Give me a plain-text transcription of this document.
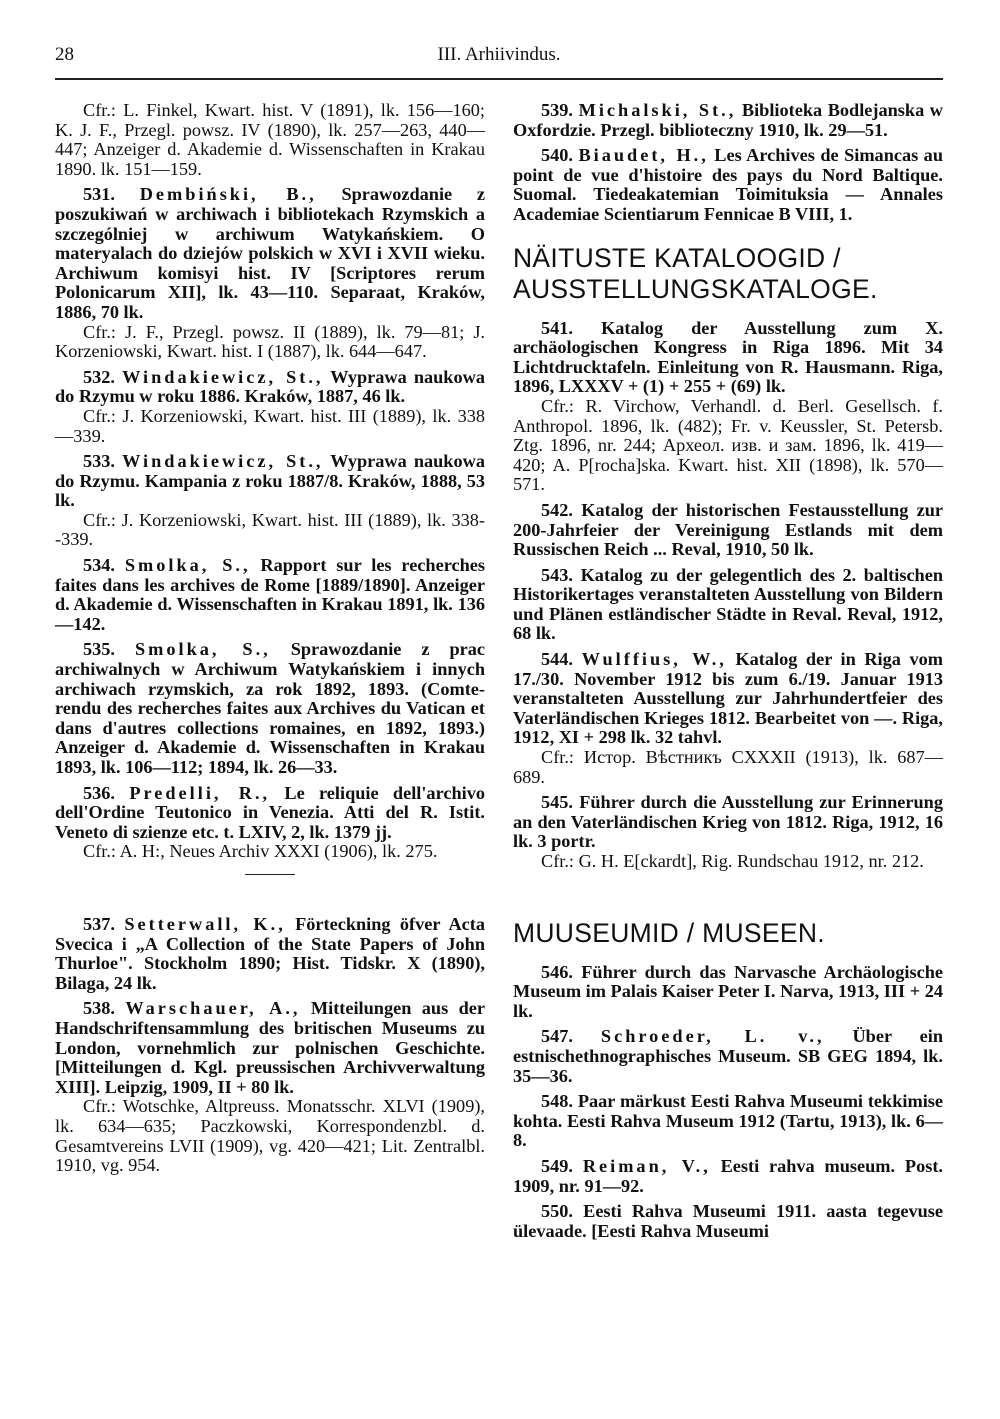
28	III. Arhiivindus.

Cfr.: L. Finkel, Kwart. hist. V (1891), lk. 156—160; K. J. F., Przegl. powsz. IV (1890), lk. 257—263, 440—447; Anzeiger d. Akademie d. Wissenschaften in Krakau 1890. lk. 151—159.

531. Dembiński, B., Sprawozdanie z poszukiwań w archiwach i bibliotekach Rzymskich a szczególniej w archiwum Watykańskiem. O materyalach do dziejów polskich w XVI i XVII wieku. Archiwum komisyi hist. IV [Scriptores rerum Polonicarum XII], lk. 43—110. Separaat, Kraków, 1886, 70 lk.

Cfr.: J. F., Przegl. powsz. II (1889), lk. 79—81; J. Korzeniowski, Kwart. hist. I (1887), lk. 644—647.

532. Windakiewicz, St., Wyprawa naukowa do Rzymu w roku 1886. Kraków, 1887, 46 lk.

Cfr.: J. Korzeniowski, Kwart. hist. III (1889), lk. 338—339.

533. Windakiewicz, St., Wyprawa naukowa do Rzymu. Kampania z roku 1887/8. Kraków, 1888, 53 lk.

Cfr.: J. Korzeniowski, Kwart. hist. III (1889), lk. 338--339.

534. Smolka, S., Rapport sur les recherches faites dans les archives de Rome [1889/1890]. Anzeiger d. Akademie d. Wissenschaften in Krakau 1891, lk. 136—142.

535. Smolka, S., Sprawozdanie z prac archiwalnych w Archiwum Watykańskiem i innych archiwach rzymskich, za rok 1892, 1893. (Comte-rendu des recherches faites aux Archives du Vatican et dans d'autres collections romaines, en 1892, 1893.) Anzeiger d. Akademie d. Wissenschaften in Krakau 1893, lk. 106—112; 1894, lk. 26—33.

536. Predelli, R., Le reliquie dell'archivo dell'Ordine Teutonico in Venezia. Atti del R. Istit. Veneto di szienze etc. t. LXIV, 2, lk. 1379 jj.

Cfr.: A. H:, Neues Archiv XXXI (1906), lk. 275.

537. Setterwall, K., Förteckning öfver Acta Svecica i „A Collection of the State Papers of John Thurloe". Stockholm 1890; Hist. Tidskr. X (1890), Bilaga, 24 lk.

538. Warschauer, A., Mitteilungen aus der Handschriftensammlung des britischen Museums zu London, vornehmlich zur polnischen Geschichte. [Mitteilungen d. Kgl. preussischen Archivverwaltung XIII]. Leipzig, 1909, II + 80 lk.

Cfr.: Wotschke, Altpreuss. Monatsschr. XLVI (1909), lk. 634—635; Paczkowski, Korrespondenzbl. d. Gesamtvereins LVII (1909), vg. 420—421; Lit. Zentralbl. 1910, vg. 954.

539. Michalski, St., Biblioteka Bodlejanska w Oxfordzie. Przegl. biblioteczny 1910, lk. 29—51.

540. Biaudet, H., Les Archives de Simancas au point de vue d'histoire des pays du Nord Baltique. Suomal. Tiedeakatemian Toimituksia — Annales Academiae Scientiarum Fennicae B VIII, 1.

NÄITUSTE KATALOOGID /
AUSSTELLUNGSKATALOGE.

541. Katalog der Ausstellung zum X. archäologischen Kongress in Riga 1896. Mit 34 Lichtdrucktafeln. Einleitung von R. Hausmann. Riga, 1896, LXXXV + (1) + 255 + (69) lk.

Cfr.: R. Virchow, Verhandl. d. Berl. Gesellsch. f. Anthropol. 1896, lk. (482); Fr. v. Keussler, St. Petersb. Ztg. 1896, nr. 244; Археол. изв. и зам. 1896, lk. 419—420; A. P[rocha]ska. Kwart. hist. XII (1898), lk. 570—571.

542. Katalog der historischen Festausstellung zur 200-Jahrfeier der Vereinigung Estlands mit dem Russischen Reich ... Reval, 1910, 50 lk.

543. Katalog zu der gelegentlich des 2. baltischen Historikertages veranstalteten Ausstellung von Bildern und Plänen estländischer Städte in Reval. Reval, 1912, 68 lk.

544. Wulffius, W., Katalog der in Riga vom 17./30. November 1912 bis zum 6./19. Januar 1913 veranstalteten Ausstellung zur Jahrhundertfeier des Vaterländischen Krieges 1812. Bearbeitet von —. Riga, 1912, XI + 298 lk. 32 tahvl.

Cfr.: Истор. Вѣстникъ CXXXII (1913), lk. 687—689.

545. Führer durch die Ausstellung zur Erinnerung an den Vaterländischen Krieg von 1812. Riga, 1912, 16 lk. 3 portr.

Cfr.: G. H. E[ckardt], Rig. Rundschau 1912, nr. 212.

MUUSEUMID / MUSEEN.

546. Führer durch das Narvasche Archäologische Museum im Palais Kaiser Peter I. Narva, 1913, III + 24 lk.

547. Schroeder, L. v., Über ein estnischethnographisches Museum. SB GEG 1894, lk. 35—36.

548. Paar märkust Eesti Rahva Museumi tekkimise kohta. Eesti Rahva Museum 1912 (Tartu, 1913), lk. 6—8.

549. Reiman, V., Eesti rahva museum. Post. 1909, nr. 91—92.

550. Eesti Rahva Museumi 1911. aasta tegevuse ülevaade. [Eesti Rahva Museumi
